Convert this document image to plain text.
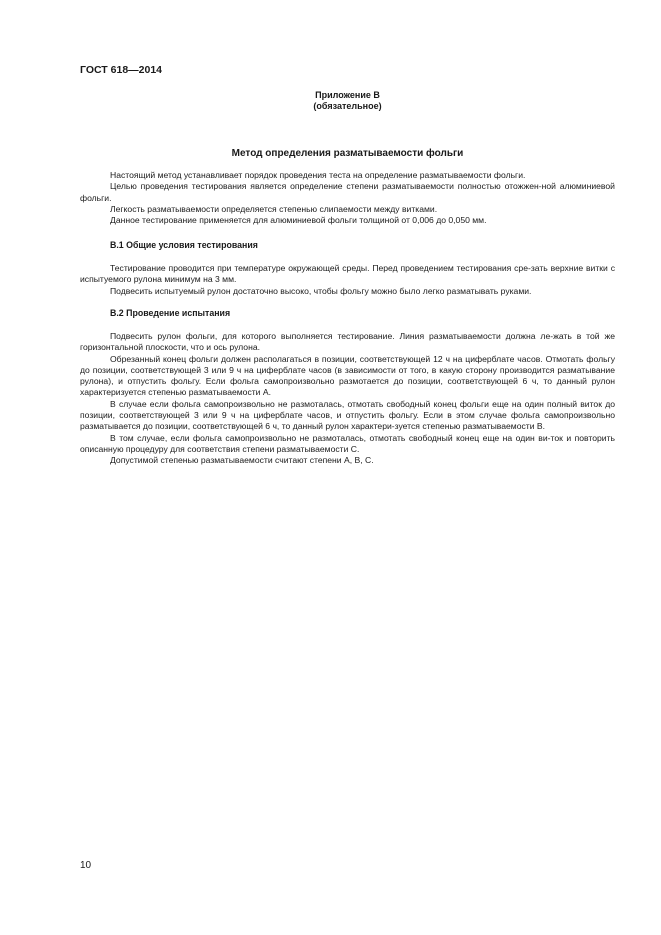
ГОСТ 618—2014
Приложение В
(обязательное)
Метод определения разматываемости фольги

Настоящий метод устанавливает порядок проведения теста на определение разматываемости фольги.

Целью проведения тестирования является определение степени разматываемости полностью отожжен-ной алюминиевой фольги.

Легкость разматываемости определяется степенью слипаемости между витками.

Данное тестирование применяется для алюминиевой фольги толщиной от 0,006 до 0,050 мм.

В.1 Общие условия тестирования

Тестирование проводится при температуре окружающей среды. Перед проведением тестирования сре-зать верхние витки с испытуемого рулона минимум на 3 мм.

Подвесить испытуемый рулон достаточно высоко, чтобы фольгу можно было легко разматывать руками.

В.2 Проведение испытания

Подвесить рулон фольги, для которого выполняется тестирование. Линия разматываемости должна ле-жать в той же горизонтальной плоскости, что и ось рулона.

Обрезанный конец фольги должен располагаться в позиции, соответствующей 12 ч на циферблате часов. Отмотать фольгу до позиции, соответствующей 3 или 9 ч на циферблате часов (в зависимости от того, в какую сторону производится разматывание рулона), и отпустить фольгу. Если фольга самопроизвольно размотается до позиции, соответствующей 6 ч, то данный рулон характеризуется степенью разматываемости А.

В случае если фольга самопроизвольно не размоталась, отмотать свободный конец фольги еще на один полный виток до позиции, соответствующей 3 или 9 ч на циферблате часов, и отпустить фольгу. Если в этом случае фольга самопроизвольно разматывается до позиции, соответствующей 6 ч, то данный рулон характери-зуется степенью разматываемости В.

В том случае, если фольга самопроизвольно не размоталась, отмотать свободный конец еще на один ви-ток и повторить описанную процедуру для соответствия степени разматываемости С.

Допустимой степенью разматываемости считают степени А, В, С.

10
